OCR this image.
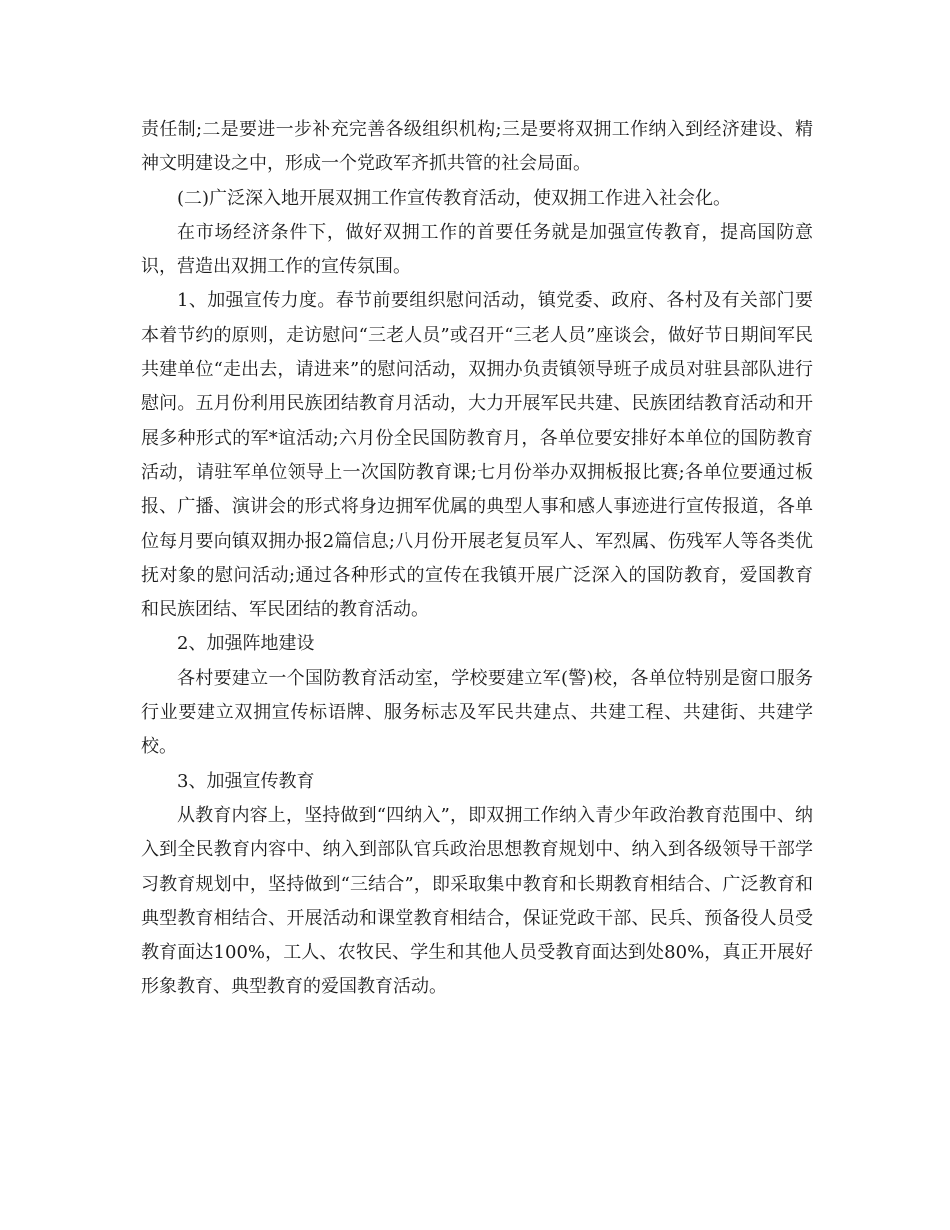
责任制;二是要进一步补充完善各级组织机构;三是要将双拥工作纳入到经济建设、精神文明建设之中，形成一个党政军齐抓共管的社会局面。

(二)广泛深入地开展双拥工作宣传教育活动，使双拥工作进入社会化。

在市场经济条件下，做好双拥工作的首要任务就是加强宣传教育，提高国防意识，营造出双拥工作的宣传氛围。

1、加强宣传力度。春节前要组织慰问活动，镇党委、政府、各村及有关部门要本着节约的原则，走访慰问“三老人员”或召开“三老人员”座谈会，做好节日期间军民共建单位“走出去，请进来”的慰问活动，双拥办负责镇领导班子成员对驻县部队进行慰问。五月份利用民族团结教育月活动，大力开展军民共建、民族团结教育活动和开展多种形式的军*谊活动;六月份全民国防教育月，各单位要安排好本单位的国防教育活动，请驻军单位领导上一次国防教育课;七月份举办双拥板报比赛;各单位要通过板报、广播、演讲会的形式将身边拥军优属的典型人事和感人事迹进行宣传报道，各单位每月要向镇双拥办报2篇信息;八月份开展老复员军人、军烈属、伤残军人等各类优抚对象的慰问活动;通过各种形式的宣传在我镇开展广泛深入的国防教育，爱国教育和民族团结、军民团结的教育活动。

2、加强阵地建设

各村要建立一个国防教育活动室，学校要建立军(警)校，各单位特别是窗口服务行业要建立双拥宣传标语牌、服务标志及军民共建点、共建工程、共建街、共建学校。

3、加强宣传教育

从教育内容上，坚持做到“四纳入”，即双拥工作纳入青少年政治教育范围中、纳入到全民教育内容中、纳入到部队官兵政治思想教育规划中、纳入到各级领导干部学习教育规划中，坚持做到“三结合”，即采取集中教育和长期教育相结合、广泛教育和典型教育相结合、开展活动和课堂教育相结合，保证党政干部、民兵、预备役人员受教育面达100%，工人、农牧民、学生和其他人员受教育面达到处80%，真正开展好形象教育、典型教育的爱国教育活动。
